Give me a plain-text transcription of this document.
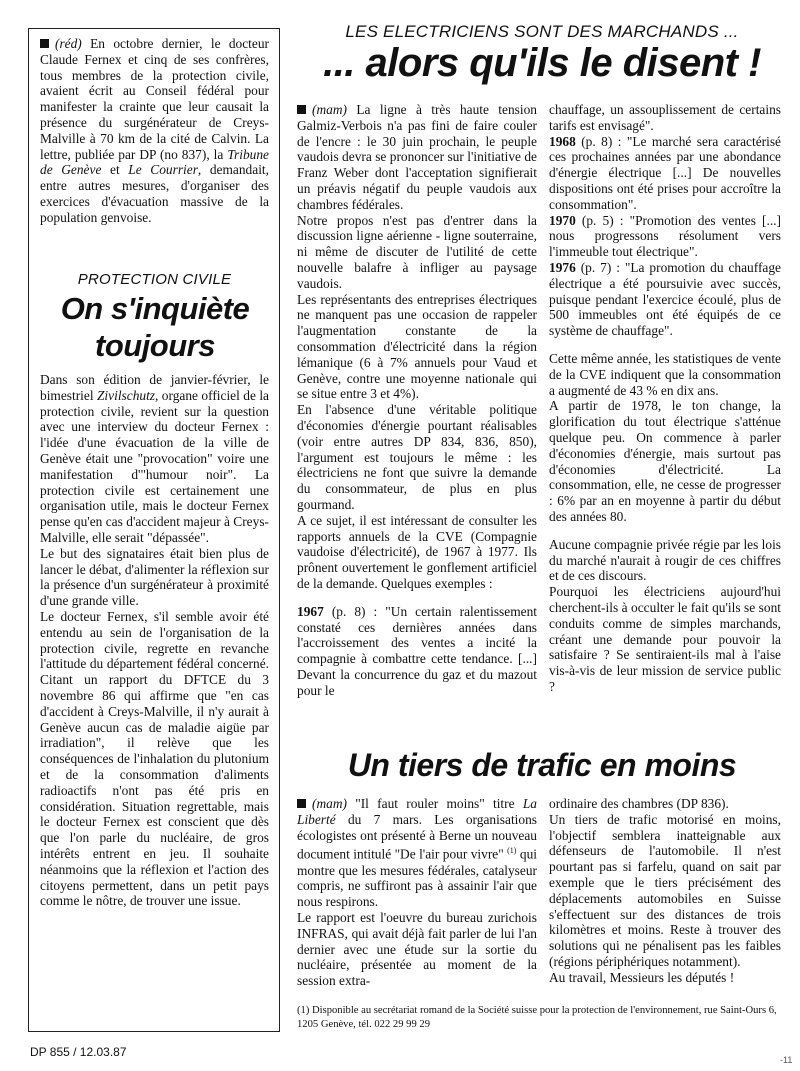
(réd) En octobre dernier, le docteur Claude Fernex et cinq de ses confrères, tous membres de la protection civile, avaient écrit au Conseil fédéral pour manifester la crainte que leur causait la présence du surgénérateur de Creys-Malville à 70 km de la cité de Calvin. La lettre, publiée par DP (no 837), la Tribune de Genève et Le Courrier, demandait, entre autres mesures, d'organiser des exercices d'évacuation massive de la population genvoise.

PROTECTION CIVILE
On s'inquiète toujours

Dans son édition de janvier-février, le bimestriel Zivilschutz, organe officiel de la protection civile, revient sur la question avec une interview du docteur Fernex : l'idée d'une évacuation de la ville de Genève était une "provocation" voire une manifestation d'"humour noir". La protection civile est certainement une organisation utile, mais le docteur Fernex pense qu'en cas d'accident majeur à Creys-Malville, elle serait "dépassée".

Le but des signataires était bien plus de lancer le débat, d'alimenter la réflexion sur la présence d'un surgénérateur à proximité d'une grande ville.

Le docteur Fernex, s'il semble avoir été entendu au sein de l'organisation de la protection civile, regrette en revanche l'attitude du département fédéral concerné. Citant un rapport du DFTCE du 3 novembre 86 qui affirme que "en cas d'accident à Creys-Malville, il n'y aurait à Genève aucun cas de maladie aigüe par irradiation", il relève que les conséquences de l'inhalation du plutonium et de la consommation d'aliments radioactifs n'ont pas été pris en considération. Situation regrettable, mais le docteur Fernex est conscient que dès que l'on parle du nucléaire, de gros intérêts entrent en jeu. Il souhaite néanmoins que la réflexion et l'action des citoyens permettent, dans un petit pays comme le nôtre, de trouver une issue.

LES ELECTRICIENS SONT DES MARCHANDS ...
... alors qu'ils le disent !

(mam) La ligne à très haute tension Galmiz-Verbois n'a pas fini de faire couler de l'encre : le 30 juin prochain, le peuple vaudois devra se prononcer sur l'initiative de Franz Weber dont l'acceptation signifierait un préavis négatif du peuple vaudois aux chambres fédérales.

Notre propos n'est pas d'entrer dans la discussion ligne aérienne - ligne souterraine, ni même de discuter de l'utilité de cette nouvelle balafre à infliger au paysage vaudois.

Les représentants des entreprises électriques ne manquent pas une occasion de rappeler l'augmentation constante de la consommation d'électricité dans la région lémanique (6 à 7% annuels pour Vaud et Genève, contre une moyenne nationale qui se situe entre 3 et 4%).

En l'absence d'une véritable politique d'économies d'énergie pourtant réalisables (voir entre autres DP 834, 836, 850), l'argument est toujours le même : les électriciens ne font que suivre la demande du consommateur, de plus en plus gourmand.

A ce sujet, il est intéressant de consulter les rapports annuels de la CVE (Compagnie vaudoise d'électricité), de 1967 à 1977. Ils prônent ouvertement le gonflement artificiel de la demande. Quelques exemples :

1967 (p. 8) : "Un certain ralentissement constaté ces dernières années dans l'accroissement des ventes a incité la compagnie à combattre cette tendance. [...] Devant la concurrence du gaz et du mazout pour le

chauffage, un assouplissement de certains tarifs est envisagé".

1968 (p. 8) : "Le marché sera caractérisé ces prochaines années par une abondance d'énergie électrique [...] De nouvelles dispositions ont été prises pour accroître la consommation".

1970 (p. 5) : "Promotion des ventes [...] nous progressons résolument vers l'immeuble tout électrique".

1976 (p. 7) : "La promotion du chauffage électrique a été poursuivie avec succès, puisque pendant l'exercice écoulé, plus de 500 immeubles ont été équipés de ce système de chauffage".

Cette même année, les statistiques de vente de la CVE indiquent que la consommation a augmenté de 43 % en dix ans.

A partir de 1978, le ton change, la glorification du tout électrique s'atténue quelque peu. On commence à parler d'économies d'énergie, mais surtout pas d'économies d'électricité. La consommation, elle, ne cesse de progresser : 6% par an en moyenne à partir du début des années 80.

Aucune compagnie privée régie par les lois du marché n'aurait à rougir de ces chiffres et de ces discours.

Pourquoi les électriciens aujourd'hui cherchent-ils à occulter le fait qu'ils se sont conduits comme de simples marchands, créant une demande pour pouvoir la satisfaire ? Se sentiraient-ils mal à l'aise vis-à-vis de leur mission de service public ?

Un tiers de trafic en moins

(mam) "Il faut rouler moins" titre La Liberté du 7 mars. Les organisations écologistes ont présenté à Berne un nouveau document intitulé "De l'air pour vivre" $^{(1)}$ qui montre que les mesures fédérales, catalyseur compris, ne suffiront pas à assainir l'air que nous respirons.

Le rapport est l'oeuvre du bureau zurichois INFRAS, qui avait déjà fait parler de lui l'an dernier avec une étude sur la sortie du nucléaire, présentée au moment de la session extra-

ordinaire des chambres (DP 836).

Un tiers de trafic motorisé en moins, l'objectif semblera inatteignable aux défenseurs de l'automobile. Il n'est pourtant pas si farfelu, quand on sait par exemple que le tiers précisément des déplacements automobiles en Suisse s'effectuent sur des distances de trois kilomètres et moins. Reste à trouver des solutions qui ne pénalisent pas les faibles (régions périphériques notamment).

Au travail, Messieurs les députés !

(1) Disponible au secrétariat romand de la Société suisse pour la protection de l'environnement, rue Saint-Ours 6, 1205 Genève, tél. 022 29 99 29
DP 855 / 12.03.87
-11
